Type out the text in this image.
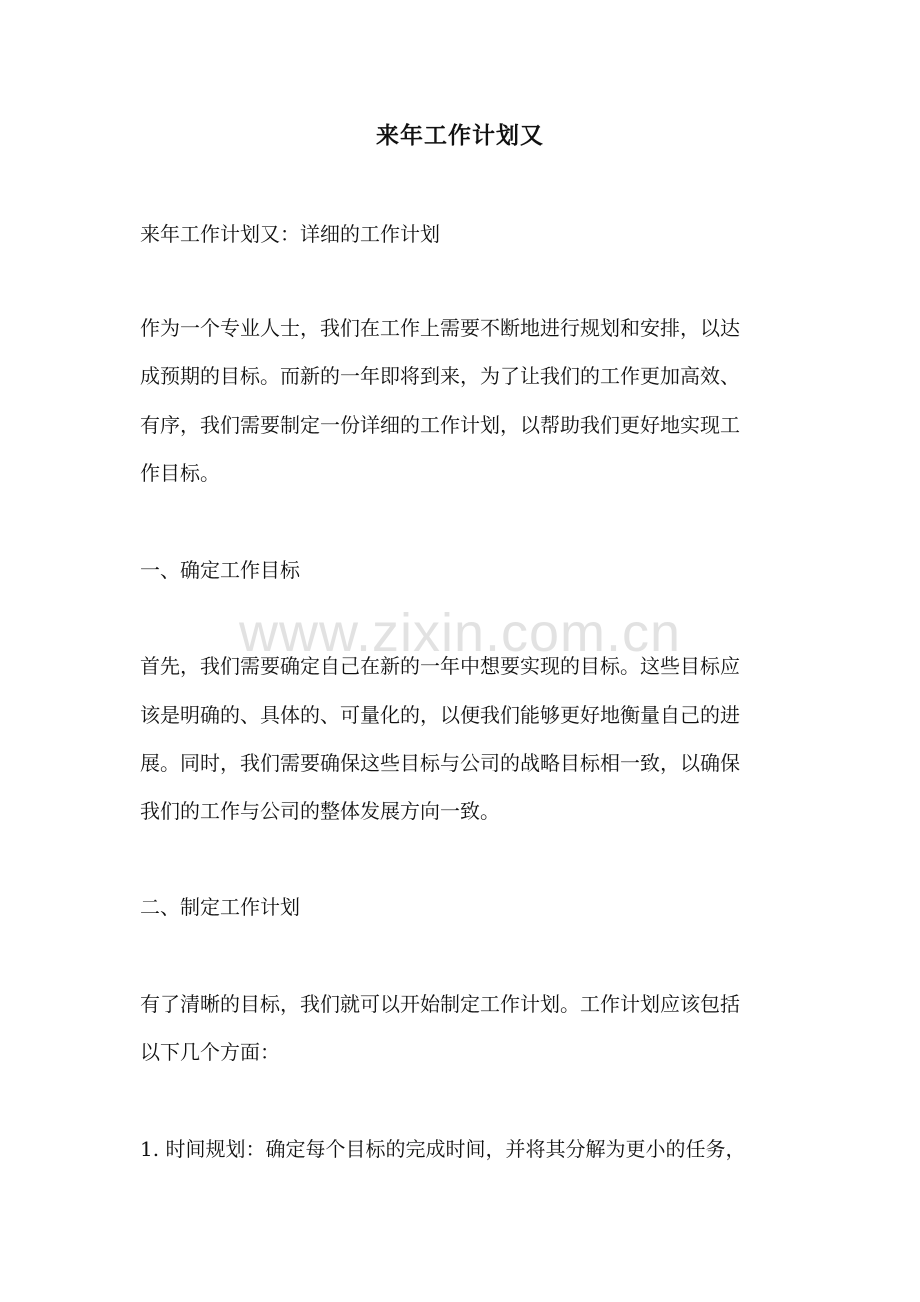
来年工作计划又
来年工作计划又：详细的工作计划
作为一个专业人士，我们在工作上需要不断地进行规划和安排，以达
成预期的目标。而新的一年即将到来，为了让我们的工作更加高效、
有序，我们需要制定一份详细的工作计划，以帮助我们更好地实现工
作目标。
一、确定工作目标
首先，我们需要确定自己在新的一年中想要实现的目标。这些目标应
该是明确的、具体的、可量化的，以便我们能够更好地衡量自己的进
展。同时，我们需要确保这些目标与公司的战略目标相一致，以确保
我们的工作与公司的整体发展方向一致。
二、制定工作计划
有了清晰的目标，我们就可以开始制定工作计划。工作计划应该包括
以下几个方面：
1. 时间规划：确定每个目标的完成时间，并将其分解为更小的任务，
www.zixin.com.cn
